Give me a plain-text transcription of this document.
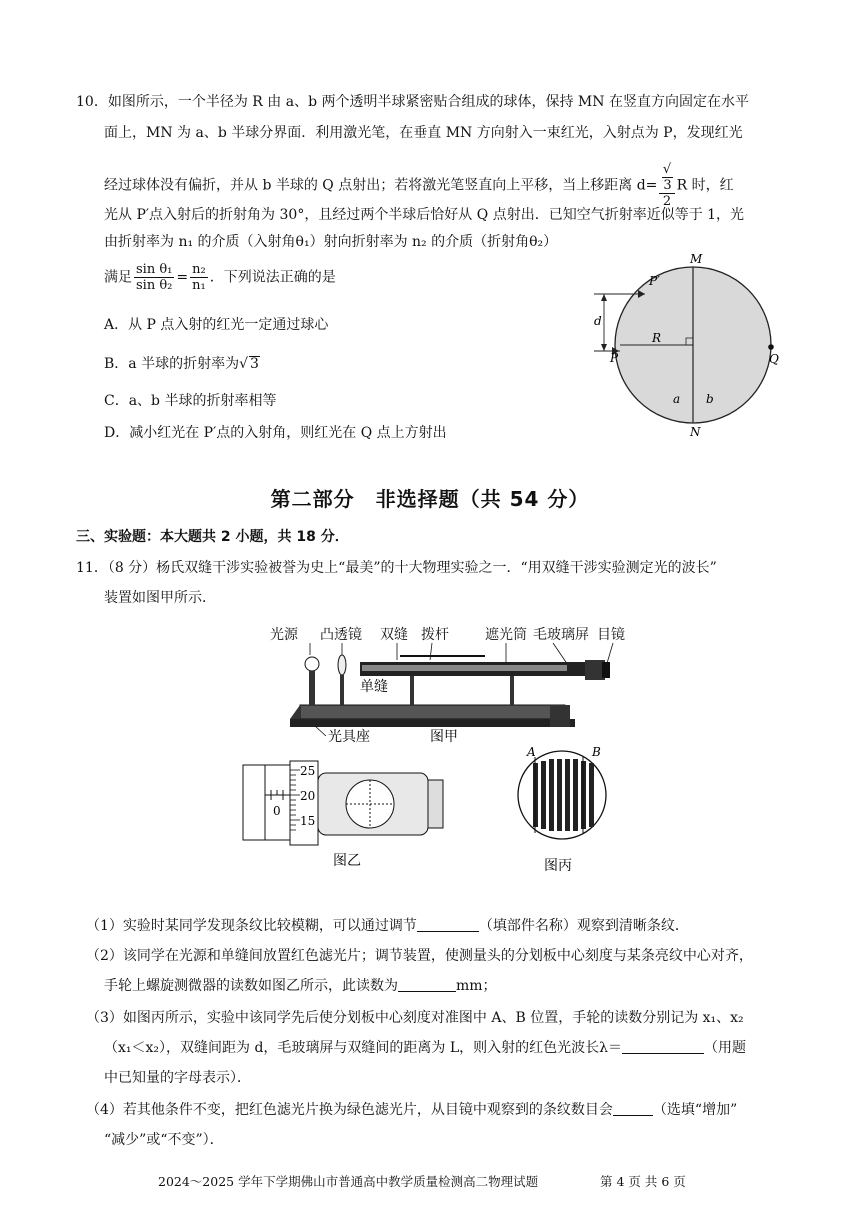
10．如图所示，一个半径为 R 由 a、b 两个透明半球紧密贴合组成的球体，保持 MN 在竖直方向固定在水平
面上，MN 为 a、b 半球分界面．利用激光笔，在垂直 MN 方向射入一束红光，入射点为 P，发现红光
经过球体没有偏折，并从 b 半球的 Q 点射出；若将激光笔竖直向上平移，当上移距离 d= √
3
2 R 时，红
光从 P′点入射后的折射角为 30°，且经过两个半球后恰好从 Q 点射出．已知空气折射率近似等于 1，光
由折射率为 n₁ 的介质（入射角θ₁）射向折射率为 n₂ 的介质（折射角θ₂）
满足 $\frac{\text{sin θ₁}}{\text{sin θ₂}} = \frac{\text{n₂}}{\text{n₁}}$ ．下列说法正确的是
A．从 P 点入射的红光一定通过球心
B．a 半球的折射率为√ 3
C．a、b 半球的折射率相等
D．减小红光在 P′点的入射角，则红光在 Q 点上方射出
M
N
P′
P	Q
R
d
a b
第二部分　非选择题（共 54 分）
三、实验题：本大题共 2 小题，共 18 分．
11．（8 分）杨氏双缝干涉实验被誉为史上“最美”的十大物理实验之一．“用双缝干涉实验测定光的波长”
装置如图甲所示．
光源 凸透镜 双缝 拨杆	遮光筒 毛玻璃屏 目镜
单缝
光具座	图甲
25
20
15
0
图乙
A	B
图丙
（1）实验时某同学发现条纹比较模糊，可以通过调节	（填部件名称）观察到清晰条纹．
（2）该同学在光源和单缝间放置红色滤光片；调节装置，使测量头的分划板中心刻度与某条亮纹中心对齐，
手轮上螺旋测微器的读数如图乙所示，此读数为	mm；
（3）如图丙所示，实验中该同学先后使分划板中心刻度对准图中 A、B 位置，手轮的读数分别记为 x₁、x₂
（x₁＜x₂），双缝间距为 d，毛玻璃屏与双缝间的距离为 L，则入射的红色光波长λ＝	（用题
中已知量的字母表示）．
（4）若其他条件不变，把红色滤光片换为绿色滤光片，从目镜中观察到的条纹数目会	（选填“增加”
“减少”或“不变”）．
2024～2025 学年下学期佛山市普通高中教学质量检测高二物理试题	第 4 页 共 6 页
